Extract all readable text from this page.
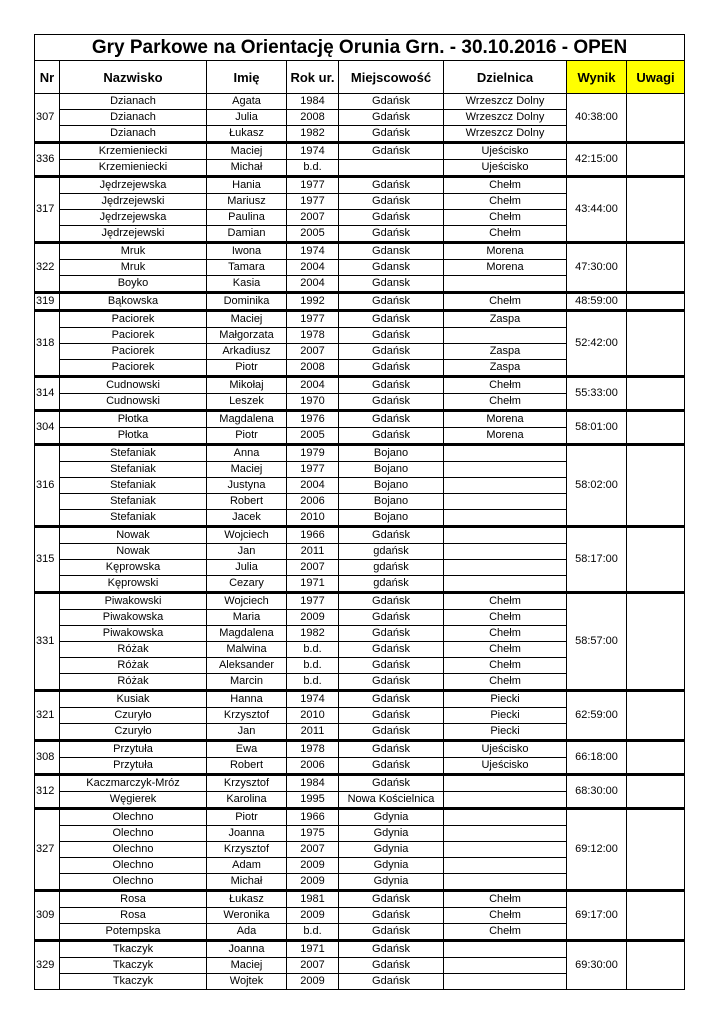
Gry Parkowe na Orientację Orunia Grn. - 30.10.2016 - OPEN							
Nr	Nazwisko	Imię	Rok ur.	Miejscowość	Dzielnica	Wynik	Uwagi
307	Dzianach	Agata	1984	Gdańsk	Wrzeszcz Dolny	40:38:00	
	Dzianach	Julia	2008	Gdańsk	Wrzeszcz Dolny		
	Dzianach	Łukasz	1982	Gdańsk	Wrzeszcz Dolny		
336	Krzemieniecki	Maciej	1974	Gdańsk	Ujeścisko	42:15:00	
	Krzemieniecki	Michał	b.d.		Ujeścisko		
317	Jędrzejewska	Hania	1977	Gdańsk	Chełm	43:44:00	
	Jędrzejewski	Mariusz	1977	Gdańsk	Chełm		
	Jędrzejewska	Paulina	2007	Gdańsk	Chełm		
	Jędrzejewski	Damian	2005	Gdańsk	Chełm		
322	Mruk	Iwona	1974	Gdansk	Morena	47:30:00	
	Mruk	Tamara	2004	Gdansk	Morena		
	Boyko	Kasia	2004	Gdansk			
319	Bąkowska	Dominika	1992	Gdańsk	Chełm	48:59:00	
318	Paciorek	Maciej	1977	Gdańsk	Zaspa	52:42:00	
	Paciorek	Małgorzata	1978	Gdańsk			
	Paciorek	Arkadiusz	2007	Gdańsk	Zaspa		
	Paciorek	Piotr	2008	Gdańsk	Zaspa		
314	Cudnowski	Mikołaj	2004	Gdańsk	Chełm	55:33:00	
	Cudnowski	Leszek	1970	Gdańsk	Chełm		
304	Płotka	Magdalena	1976	Gdańsk	Morena	58:01:00	
	Płotka	Piotr	2005	Gdańsk	Morena		
316	Stefaniak	Anna	1979	Bojano		58:02:00	
	Stefaniak	Maciej	1977	Bojano			
	Stefaniak	Justyna	2004	Bojano			
	Stefaniak	Robert	2006	Bojano			
	Stefaniak	Jacek	2010	Bojano			
315	Nowak	Wojciech	1966	Gdańsk		58:17:00	
	Nowak	Jan	2011	gdańsk			
	Kęprowska	Julia	2007	gdańsk			
	Kęprowski	Cezary	1971	gdańsk			
331	Piwakowski	Wojciech	1977	Gdańsk	Chełm	58:57:00	
	Piwakowska	Maria	2009	Gdańsk	Chełm		
	Piwakowska	Magdalena	1982	Gdańsk	Chełm		
	Różak	Malwina	b.d.	Gdańsk	Chełm		
	Różak	Aleksander	b.d.	Gdańsk	Chełm		
	Różak	Marcin	b.d.	Gdańsk	Chełm		
321	Kusiak	Hanna	1974	Gdańsk	Piecki	62:59:00	
	Czuryło	Krzysztof	2010	Gdańsk	Piecki		
	Czuryło	Jan	2011	Gdańsk	Piecki		
308	Przytuła	Ewa	1978	Gdańsk	Ujeścisko	66:18:00	
	Przytuła	Robert	2006	Gdańsk	Ujeścisko		
312	Kaczmarczyk-Mróz	Krzysztof	1984	Gdańsk		68:30:00	
	Węgierek	Karolina	1995	Nowa Kościelnica			
327	Olechno	Piotr	1966	Gdynia		69:12:00	
	Olechno	Joanna	1975	Gdynia			
	Olechno	Krzysztof	2007	Gdynia			
	Olechno	Adam	2009	Gdynia			
	Olechno	Michał	2009	Gdynia			
309	Rosa	Łukasz	1981	Gdańsk	Chełm	69:17:00	
	Rosa	Weronika	2009	Gdańsk	Chełm		
	Potempska	Ada	b.d.	Gdańsk	Chełm		
329	Tkaczyk	Joanna	1971	Gdańsk		69:30:00	
	Tkaczyk	Maciej	2007	Gdańsk			
	Tkaczyk	Wojtek	2009	Gdańsk			
